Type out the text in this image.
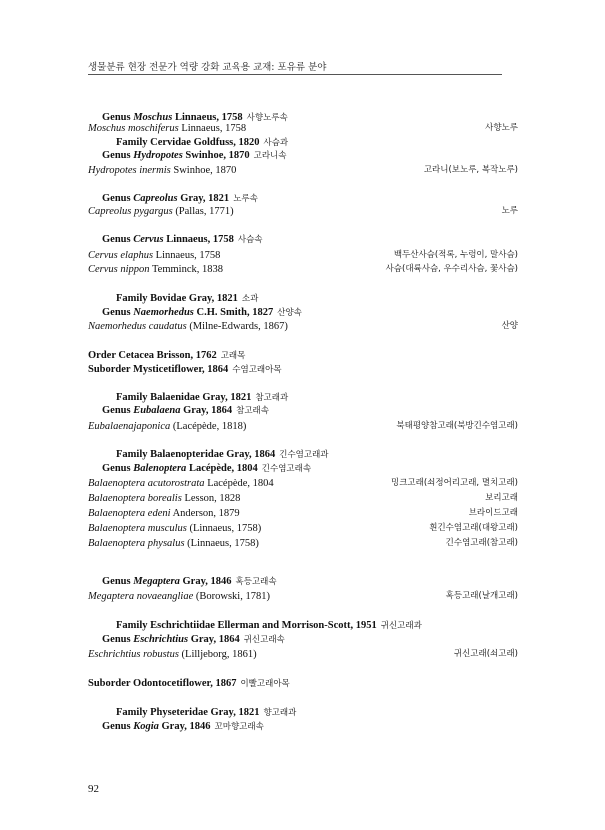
생물분류 현장 전문가 역량 강화 교육용 교재: 포유류 분야
Genus Moschus Linnaeus, 1758 사향노루속
Moschus moschiferus Linnaeus, 1758	사향노루
Family Cervidae Goldfuss, 1820 사슴과
Genus Hydropotes Swinhoe, 1870 고라니속
Hydropotes inermis Swinhoe, 1870	고라니(보노루, 복작노루)
Genus Capreolus Gray, 1821 노루속
Capreolus pygargus (Pallas, 1771)	노루
Genus Cervus Linnaeus, 1758 사슴속
Cervus elaphus Linnaeus, 1758	백두산사슴(적록, 누렁이, 말사슴)
Cervus nippon Temminck, 1838	사슴(대륙사슴, 우수리사슴, 꽃사슴)
Family Bovidae Gray, 1821 소과
Genus Naemorhedus C.H. Smith, 1827 산양속
Naemorhedus caudatus (Milne-Edwards, 1867)	산양
Order Cetacea Brisson, 1762 고래목
Suborder Mysticetiflower, 1864 수염고래아목
Family Balaenidae Gray, 1821 참고래과
Genus Eubalaena Gray, 1864 참고래속
Eubalaenajaponica (Lacépède, 1818)	북태평양참고래(북방긴수염고래)
Family Balaenopteridae Gray, 1864 긴수염고래과
Genus Balenoptera Lacépède, 1804 긴수염고래속
Balaenoptera acutorostrata Lacépède, 1804	밍크고래(쇠정어리고래, 멸치고래)
Balaenoptera borealis Lesson, 1828	보리고래
Balaenoptera edeni Anderson, 1879	브라이드고래
Balaenoptera musculus (Linnaeus, 1758)	흰긴수염고래(대왕고래)
Balaenoptera physalus (Linnaeus, 1758)	긴수염고래(참고래)
Genus Megaptera Gray, 1846 혹등고래속
Megaptera novaeangliae (Borowski, 1781)	혹등고래(날개고래)
Family Eschrichtiidae Ellerman and Morrison-Scott, 1951 귀신고래과
Genus Eschrichtius Gray, 1864 귀신고래속
Eschrichtius robustus (Lilljeborg, 1861)	귀신고래(쇠고래)
Suborder Odontocetiflower, 1867 이빨고래아목
Family Physeteridae Gray, 1821 향고래과
Genus Kogia Gray, 1846 꼬마향고래속
92
